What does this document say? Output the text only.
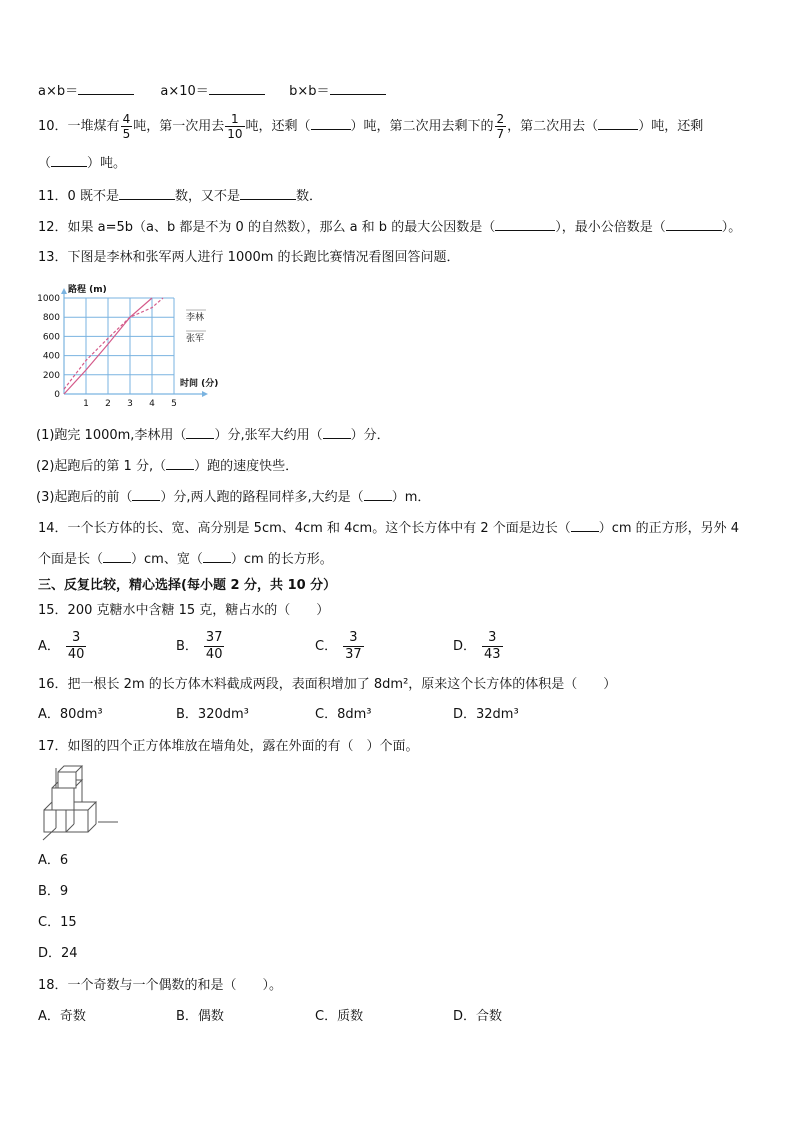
a×b＝	a×10＝	b×b＝
10．一堆煤有 $\frac{4}{5}$ 吨，第一次用去 $\frac{1}{10}$ 吨，还剩（	）吨，第二次用去剩下的 $\frac{2}{7}$ ，第二次用去（	）吨，还剩
（	）吨。
11．0 既不是	数，又不是	数．
12．如果 a=5b（a、b 都是不为 0 的自然数），那么 a 和 b 的最大公因数是（	），最小公倍数是（	）。
13．下图是李林和张军两人进行 1000m 的长跑比赛情况看图回答问题．
1 2 3 4 5
0
200
400
600
800
1000
路程 (m)
时间 (分)
李林
张军
(1)跑完 1000m,李林用（ ）分,张军大约用（ ）分．
(2)起跑后的第 1 分,（ ）跑的速度快些．
(3)起跑后的前（ ）分,两人跑的路程同样多,大约是（ ）m．
14．一个长方体的长、宽、高分别是 5cm、4cm 和 4cm。这个长方体中有 2 个面是边长（ ）cm 的正方形，另外 4
个面是长（ ）cm、宽（ ）cm 的长方形。
三、反复比较，精心选择(每小题 2 分，共 10 分）
15．200 克糖水中含糖 15 克，糖占水的（　　）
A． $\frac{3}{40}$	B． $\frac{37}{40}$	C． $\frac{3}{37}$	D． $\frac{3}{43}$
16．把一根长 2m 的长方体木料截成两段，表面积增加了 8dm²，原来这个长方体的体积是（　　）
A．80dm³	B．320dm³	C．8dm³	D．32dm³
17．如图的四个正方体堆放在墙角处，露在外面的有（　）个面。
A．6
B．9
C．15
D．24
18．一个奇数与一个偶数的和是（　　）。
A．奇数	B．偶数	C．质数	D．合数
